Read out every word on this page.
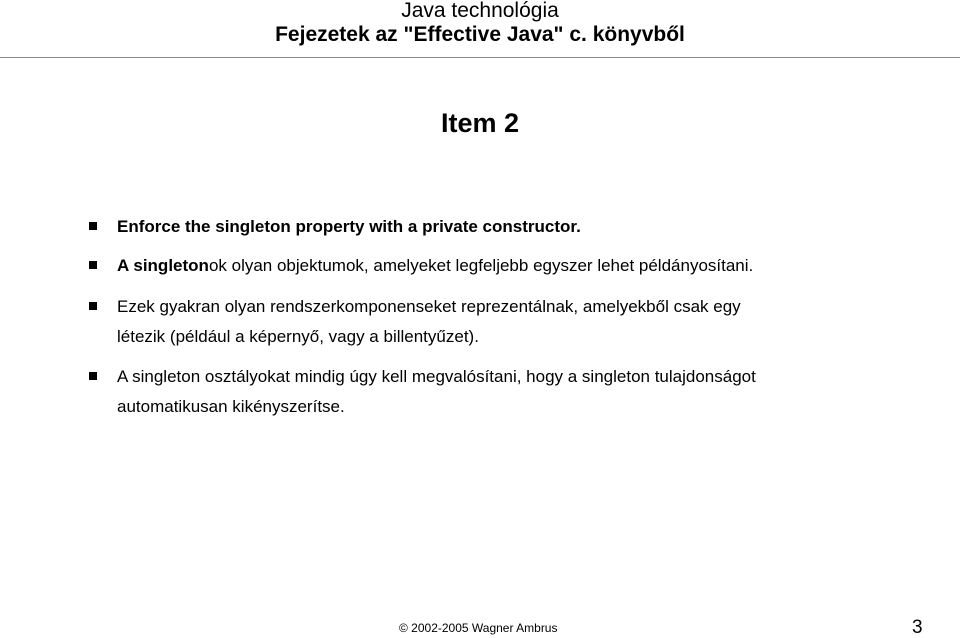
Java technológia
Fejezetek az "Effective Java" c. könyvből
Item 2
Enforce the singleton property with a private constructor.
A singletonok olyan objektumok, amelyeket legfeljebb egyszer lehet példányosítani.
Ezek gyakran olyan rendszerkomponenseket reprezentálnak, amelyekből csak egy
létezik (például a képernyő, vagy a billentyűzet).
A singleton osztályokat mindig úgy kell megvalósítani, hogy a singleton tulajdonságot
automatikusan kikényszerítse.
© 2002-2005 Wagner Ambrus	3
